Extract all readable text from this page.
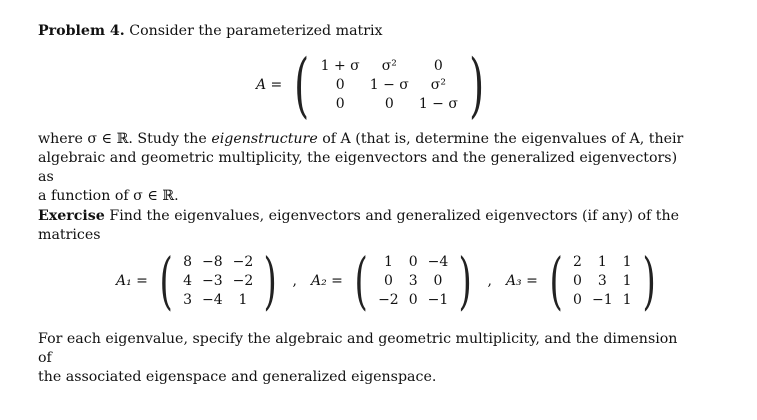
Problem 4. Consider the parameterized matrix
A = ( 1 + σ	σ²	0
0	1 − σ	σ²
0	0	1 − σ )
where σ ∈ ℝ. Study the eigenstructure of A (that is, determine the eigenvalues of A, their
algebraic and geometric multiplicity, the eigenvectors and the generalized eigenvectors) as
a function of σ ∈ ℝ.
Exercise Find the eigenvalues, eigenvectors and generalized eigenvectors (if any) of the
matrices
A₁ = ( 8	−8	−2
4	−3	−2
3	−4	1 ) , A₂ = ( 1	0	−4
0	3	0
−2	0	−1 ) , A₃ = ( 2	1	1
0	3	1
0	−1	1 )
For each eigenvalue, specify the algebraic and geometric multiplicity, and the dimension of
the associated eigenspace and generalized eigenspace.
